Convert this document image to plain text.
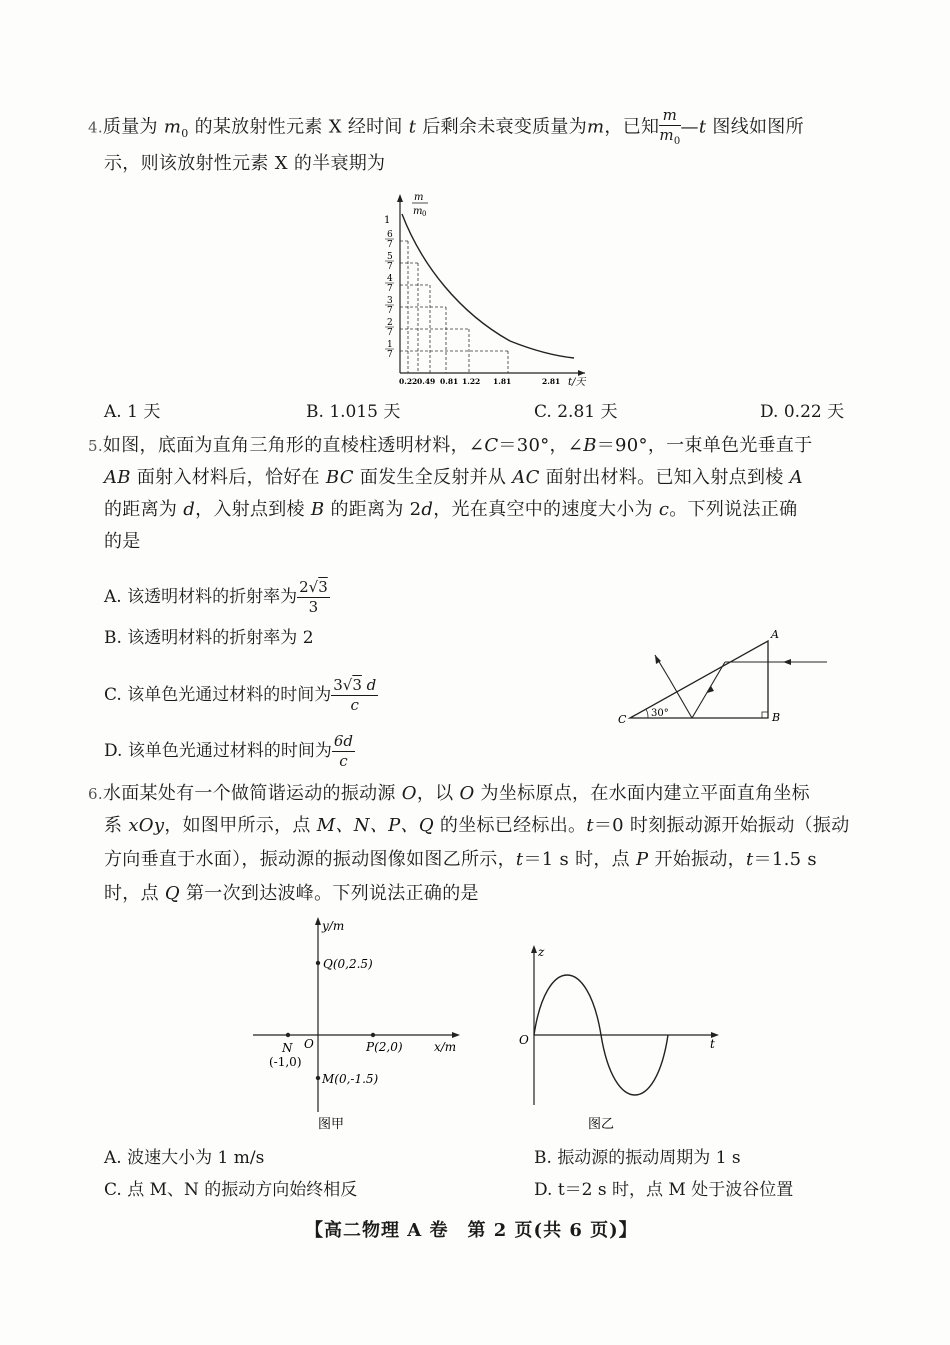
4.质量为 $m_0$ 的某放射性元素 X 经时间 t 后剩余未衰变质量为m，已知 $\frac{m}{m_0}$ —t 图线如图所
示，则该放射性元素 X 的半衰期为
m
m 0
1
6
7
5
7
4
7
3
7
2
7
1
7
0.22 0.49 0.81 1.22 1.81	2.81 t/天
A. 1 天	B. 1.015 天	C. 2.81 天	D. 0.22 天
5.如图，底面为直角三角形的直棱柱透明材料，∠C＝30°，∠B＝90°，一束单色光垂直于
AB 面射入材料后，恰好在 BC 面发生全反射并从 AC 面射出材料。已知入射点到棱 A
的距离为 d，入射点到棱 B 的距离为 2d，光在真空中的速度大小为 c。下列说法正确
的是
A. 该透明材料的折射率为 $\frac{2√3}{3}$
B. 该透明材料的折射率为 2
C. 该单色光通过材料的时间为 $\frac{3√3 d}{c}$
D. 该单色光通过材料的时间为 $\frac{6d}{c}$
30°
C
A
B
6.水面某处有一个做简谐运动的振动源 O，以 O 为坐标原点，在水面内建立平面直角坐标
系 xOy，如图甲所示，点 M、N、P、Q 的坐标已经标出。t＝0 时刻振动源开始振动（振动
方向垂直于水面），振动源的振动图像如图乙所示，t＝1 s 时，点 P 开始振动，t＝1.5 s
时，点 Q 第一次到达波峰。下列说法正确的是
y/m
x/m
O
Q(0,2.5)
N
(-1,0)
P(2,0)
M(0,-1.5)
图甲
z
t
O
图乙
A. 波速大小为 1 m/s	B. 振动源的振动周期为 1 s
C. 点 M、N 的振动方向始终相反	D. t＝2 s 时，点 M 处于波谷位置
【高二物理 A 卷　第 2 页(共 6 页)】
